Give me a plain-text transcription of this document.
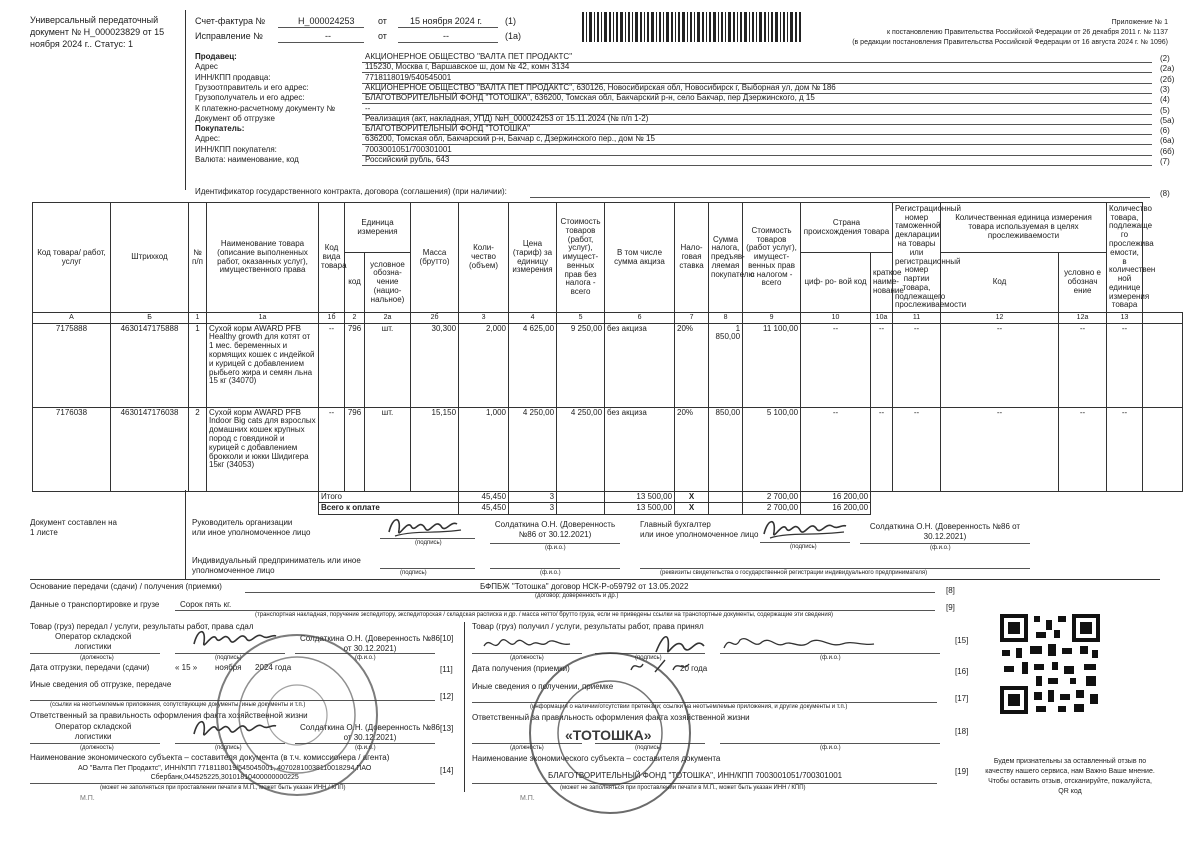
Универсальный передаточный
документ № Н_000023829 от 15
ноября 2024 г.. Статус: 1
Счет-фактура №	Н_000024253	от	15 ноября 2024 г.	(1)
Исправление №	--	от	--	(1а)
Приложение № 1
к постановлению Правительства Российской Федерации от 26 декабря 2011 г. № 1137
(в редакции постановления Правительства Российской Федерации от 16 августа 2024 г. № 1096)
Продавец:	АКЦИОНЕРНОЕ ОБЩЕСТВО "ВАЛТА ПЕТ ПРОДАКТС"	(2)
Адрес	115230, Москва г, Варшавское ш, дом № 42, комн 3134	(2а)
ИНН/КПП продавца:	7718118019/540545001	(2б)
Грузоотправитель и его адрес:	АКЦИОНЕРНОЕ ОБЩЕСТВО "ВАЛТА ПЕТ ПРОДАКТС", 630126, Новосибирская обл, Новосибирск г, Выборная ул, дом № 186	(3)
Грузополучатель и его адрес:	БЛАГОТВОРИТЕЛЬНЫЙ ФОНД "ТОТОШКА", 636200, Томская обл, Бакчарский р-н, село Бакчар, пер Дзержинского, д 15	(4)
К платежно-расчетному документу №	--	(5)
Документ об отгрузке	Реализация (акт, накладная, УПД) №Н_000024253 от 15.11.2024 (№ п/п 1-2)	(5а)
Покупатель:	БЛАГОТВОРИТЕЛЬНЫЙ ФОНД "ТОТОШКА"	(6)
Адрес:	636200, Томская обл, Бакчарский р-н, Бакчар с, Дзержинского пер., дом № 15	(6а)
ИНН/КПП покупателя:	7003001051/700301001	(6б)
Валюта: наименование, код	Российский рубль, 643	(7)
Идентификатор государственного контракта, договора (соглашения) (при наличии):	(8)
Код товара/ работ, услуг	Штрихкод	№ п/п	Наименование товара (описание выполненных работ, оказанных услуг), имущественного права	Код вида товара	Единица измерения		Масса (брутто)	Коли- чество (объем)	Цена (тариф) за единицу измерения	Стоимость товаров (работ, услуг), имущест- венных прав без налога - всего	В том числе сумма акциза	Нало- говая ставка	Сумма налога, предъяв- ляемая покупателю	Стоимость товаров (работ услуг), имущест- венных прав с налогом - всего	Страна происхождения товара		Регистрационный номер таможенной декларации на товары или регистрационный номер партии товара, подлежащего прослеживаемости	Количественная единица измерения товара используемая в целях прослеживаемости		Количество товара, подлежаще го прослежива емости, в количествен ной единице измерения товара
					код	условное обозна- чение (нацио- нальное)									циф- ро- вой код	краткое наиме- нование		Код	условно е обознач ение		
А	Б	1	1а	1б	2	2а	2б	3	4	5	6	7	8	9	10	10а	11	12	12а	13	
7175888	4630147175888	1	Сухой корм AWARD PFB Healthy growth для котят от 1 мес. беременных и кормящих кошек с индейкой и курицей с добавлением рыбьего жира и семян льна 15 кг (34070)	--	796	шт.	30,300	2,000	4 625,00	9 250,00	без акциза	20%	1 850,00	11 100,00	--	--	--	--	--	--	
7176038	4630147176038	2	Сухой корм AWARD PFB Indoor Big cats для взрослых домашних кошек крупных пород с говядиной и курицей с добавлением брокколи и юкки Шидигера 15кг (34053)	--	796	шт.	15,150	1,000	4 250,00	4 250,00	без акциза	20%	850,00	5 100,00	--	--	--	--	--	--	
				Итого				45,450	3		13 500,00	X		2 700,00	16 200,00						
				Всего к оплате				45,450	3		13 500,00	X		2 700,00	16 200,00						
Документ составлен на
1 листе
Руководитель организации
или иное уполномоченное лицо
(подпись)
Солдаткина О.Н. (Доверенность №86 от 30.12.2021)
(ф.и.о.)
Главный бухгалтер
или иное уполномоченное лицо
(подпись)
Солдаткина О.Н. (Доверенность №86 от 30.12.2021)
(ф.и.о.)
Индивидуальный предприниматель или иное
уполномоченное лицо	(подпись)	(ф.и.о.)	(реквизиты свидетельства о государственной регистрации индивидуального предпринимателя)
Основание передачи (сдачи) / получения (приемки)	БФПБЖ "Тотошка" договор НСК-Р-о59792 от 13.05.2022
(договор; доверенность и др.)
[8]
Данные о транспортировке и грузе	Сорок пять кг.
(транспортная накладная, поручение экспедитору, экспедиторская / складская расписка и др. / масса нетто/ брутто груза, если не приведены ссылки на транспортные документы, содержащие эти сведения)
[9]
Товар (груз) передал / услуги, результаты работ, права сдал
Оператор складской
логистики
(должность)	(подпись)
Солдаткина О.Н. (Доверенность №86
от 30.12.2021)
(ф.и.о.)
[10]
Дата отгрузки, передачи (сдачи)	« 15 » ноября 2024 года	[11]
Иные сведения об отгрузке, передаче
(ссылки на неотъемлемые приложения, сопутствующие документы, иные документы и т.п.)
[12]
Ответственный за правильность оформления факта хозяйственной жизни
Оператор складской
логистики
(должность)	(подпись)
Солдаткина О.Н. (Доверенность №86
от 30.12.2021)
(ф.и.о.)
[13]
Наименование экономического субъекта – составителя документа (в т.ч. комиссионера / агента)
АО "Валта Пет Продактс", ИНН/КПП 7718118019/545045001, 40702810038110018294,ПАО
Сбербанк,044525225,30101810400000000225
(может не заполняться при проставлении печати в М.П., может быть указан ИНН / КПП)
[14]
М.П.
Товар (груз) получил / услуги, результаты работ, права принял
(должность)	(подпись)	(ф.и.о.)
[15]
Дата получения (приемки)	20 года	[16]
Иные сведения о получении, приемке
(информация о наличии/отсутствии претензии; ссылки на неотъемлемые приложения, и другие документы и т.п.)
[17]
Ответственный за правильность оформления факта хозяйственной жизни
(должность)	(подпись)	(ф.и.о.)
[18]
Наименование экономического субъекта – составителя документа
БЛАГОТВОРИТЕЛЬНЫЙ ФОНД "ТОТОШКА", ИНН/КПП 7003001051/700301001
(может не заполняться при проставлении печати в М.П., может быть указан ИНН / КПП)
[19]
М.П.
«ТОТОШКА»
Будем признательны за оставленный отзыв по
качеству нашего сервиса, нам Важно Ваше мнение.
Чтобы оставить отзыв, отсканируйте, пожалуйста,
QR код
